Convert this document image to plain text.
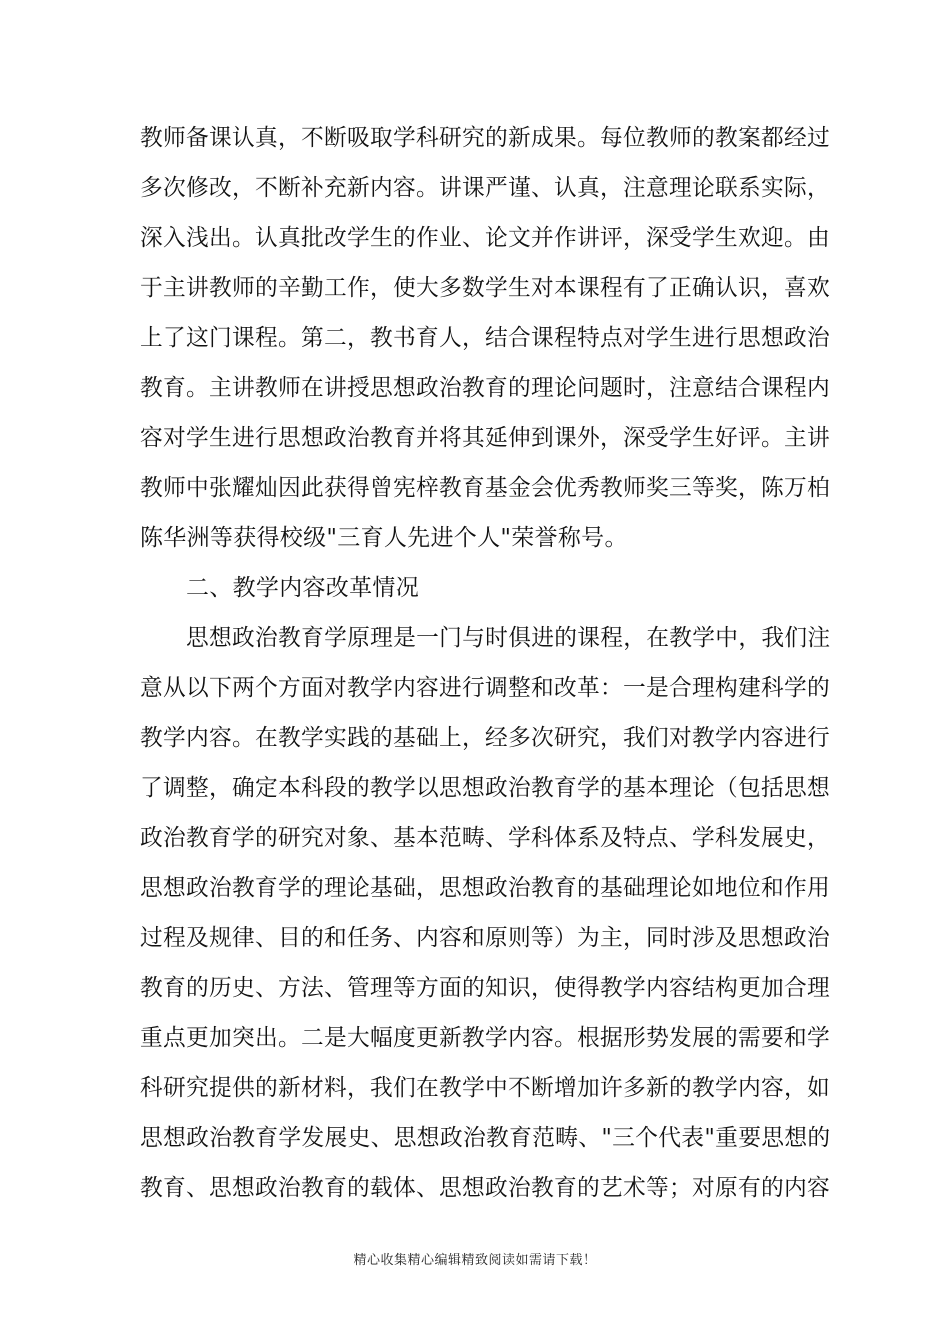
教师备课认真，不断吸取学科研究的新成果。每位教师的教案都经过
多次修改，不断补充新内容。讲课严谨、认真，注意理论联系实际，
深入浅出。认真批改学生的作业、论文并作讲评，深受学生欢迎。由
于主讲教师的辛勤工作，使大多数学生对本课程有了正确认识，喜欢
上了这门课程。第二，教书育人，结合课程特点对学生进行思想政治
教育。主讲教师在讲授思想政治教育的理论问题时，注意结合课程内
容对学生进行思想政治教育并将其延伸到课外，深受学生好评。主讲
教师中张耀灿因此获得曾宪梓教育基金会优秀教师奖三等奖，陈万柏
陈华洲等获得校级"三育人先进个人"荣誉称号。
二、教学内容改革情况
思想政治教育学原理是一门与时俱进的课程，在教学中，我们注
意从以下两个方面对教学内容进行调整和改革：一是合理构建科学的
教学内容。在教学实践的基础上，经多次研究，我们对教学内容进行
了调整，确定本科段的教学以思想政治教育学的基本理论（包括思想
政治教育学的研究对象、基本范畴、学科体系及特点、学科发展史，
思想政治教育学的理论基础，思想政治教育的基础理论如地位和作用
过程及规律、目的和任务、内容和原则等）为主，同时涉及思想政治
教育的历史、方法、管理等方面的知识，使得教学内容结构更加合理
重点更加突出。二是大幅度更新教学内容。根据形势发展的需要和学
科研究提供的新材料，我们在教学中不断增加许多新的教学内容，如
思想政治教育学发展史、思想政治教育范畴、"三个代表"重要思想的
教育、思想政治教育的载体、思想政治教育的艺术等；对原有的内容
精心收集精心编辑精致阅读如需请下载！
